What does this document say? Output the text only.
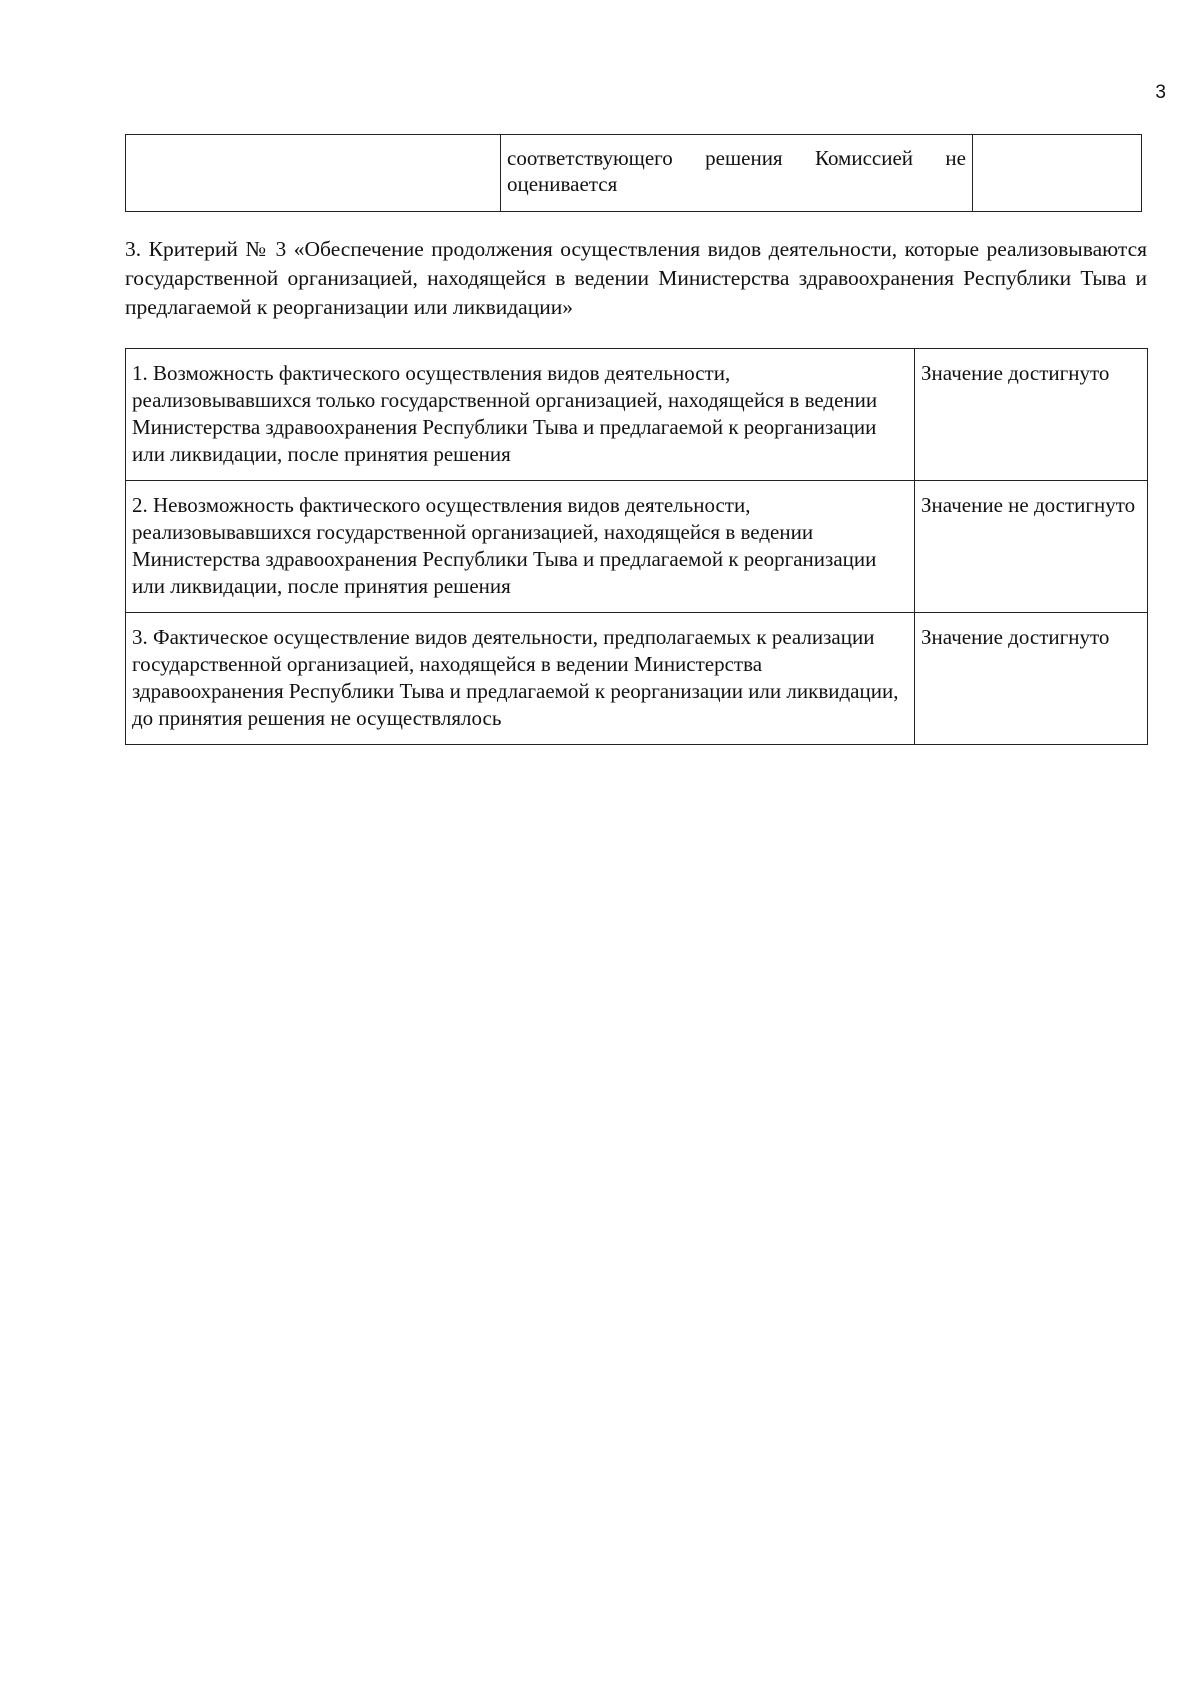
3
	соответствующего решения Комиссией не оценивается	

3. Критерий № 3 «Обеспечение продолжения осуществления видов деятельности, которые реализовываются государственной организацией, находящейся в ведении Министерства здравоохранения Республики Тыва и предлагаемой к реорганизации или ликвидации»

1. Возможность фактического осуществления видов деятельности, реализовывавшихся только государственной организацией, находящейся в ведении Министерства здравоохранения Республики Тыва и предлагаемой к реорганизации или ликвидации, после принятия решения	Значение достигнуто
2. Невозможность фактического осуществления видов деятельности, реализовывавшихся государственной организацией, находящейся в ведении Министерства здравоохранения Республики Тыва и предлагаемой к реорганизации или ликвидации, после принятия решения	Значение не достигнуто
3. Фактическое осуществление видов деятельности, предполагаемых к реализации государственной организацией, находящейся в ведении Министерства здравоохранения Республики Тыва и предлагаемой к реорганизации или ликвидации, до принятия решения не осуществлялось	Значение достигнуто
